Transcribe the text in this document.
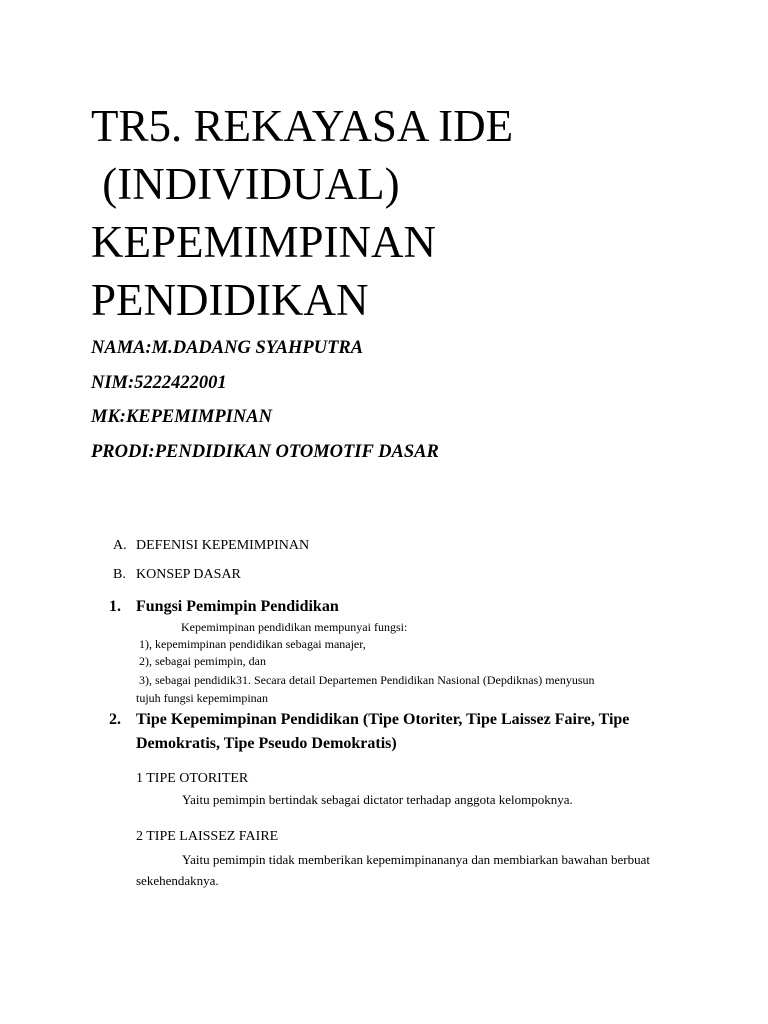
TR5. REKAYASA IDE
(INDIVIDUAL)
KEPEMIMPINAN
PENDIDIKAN
NAMA:M.DADANG SYAHPUTRA
NIM:5222422001
MK:KEPEMIMPINAN
PRODI:PENDIDIKAN OTOMOTIF DASAR
A. DEFENISI KEPEMIMPINAN
B. KONSEP DASAR
1. Fungsi Pemimpin Pendidikan
Kepemimpinan pendidikan mempunyai fungsi:
1), kepemimpinan pendidikan sebagai manajer,
2), sebagai pemimpin, dan
3), sebagai pendidik31. Secara detail Departemen Pendidikan Nasional (Depdiknas) menyusun
tujuh fungsi kepemimpinan
2. Tipe Kepemimpinan Pendidikan (Tipe Otoriter, Tipe Laissez Faire, Tipe Demokratis, Tipe Pseudo Demokratis)
1 TIPE OTORITER
Yaitu pemimpin bertindak sebagai dictator terhadap anggota kelompoknya.
2 TIPE LAISSEZ FAIRE
Yaitu pemimpin tidak memberikan kepemimpinananya dan membiarkan bawahan berbuat sekehendaknya.
